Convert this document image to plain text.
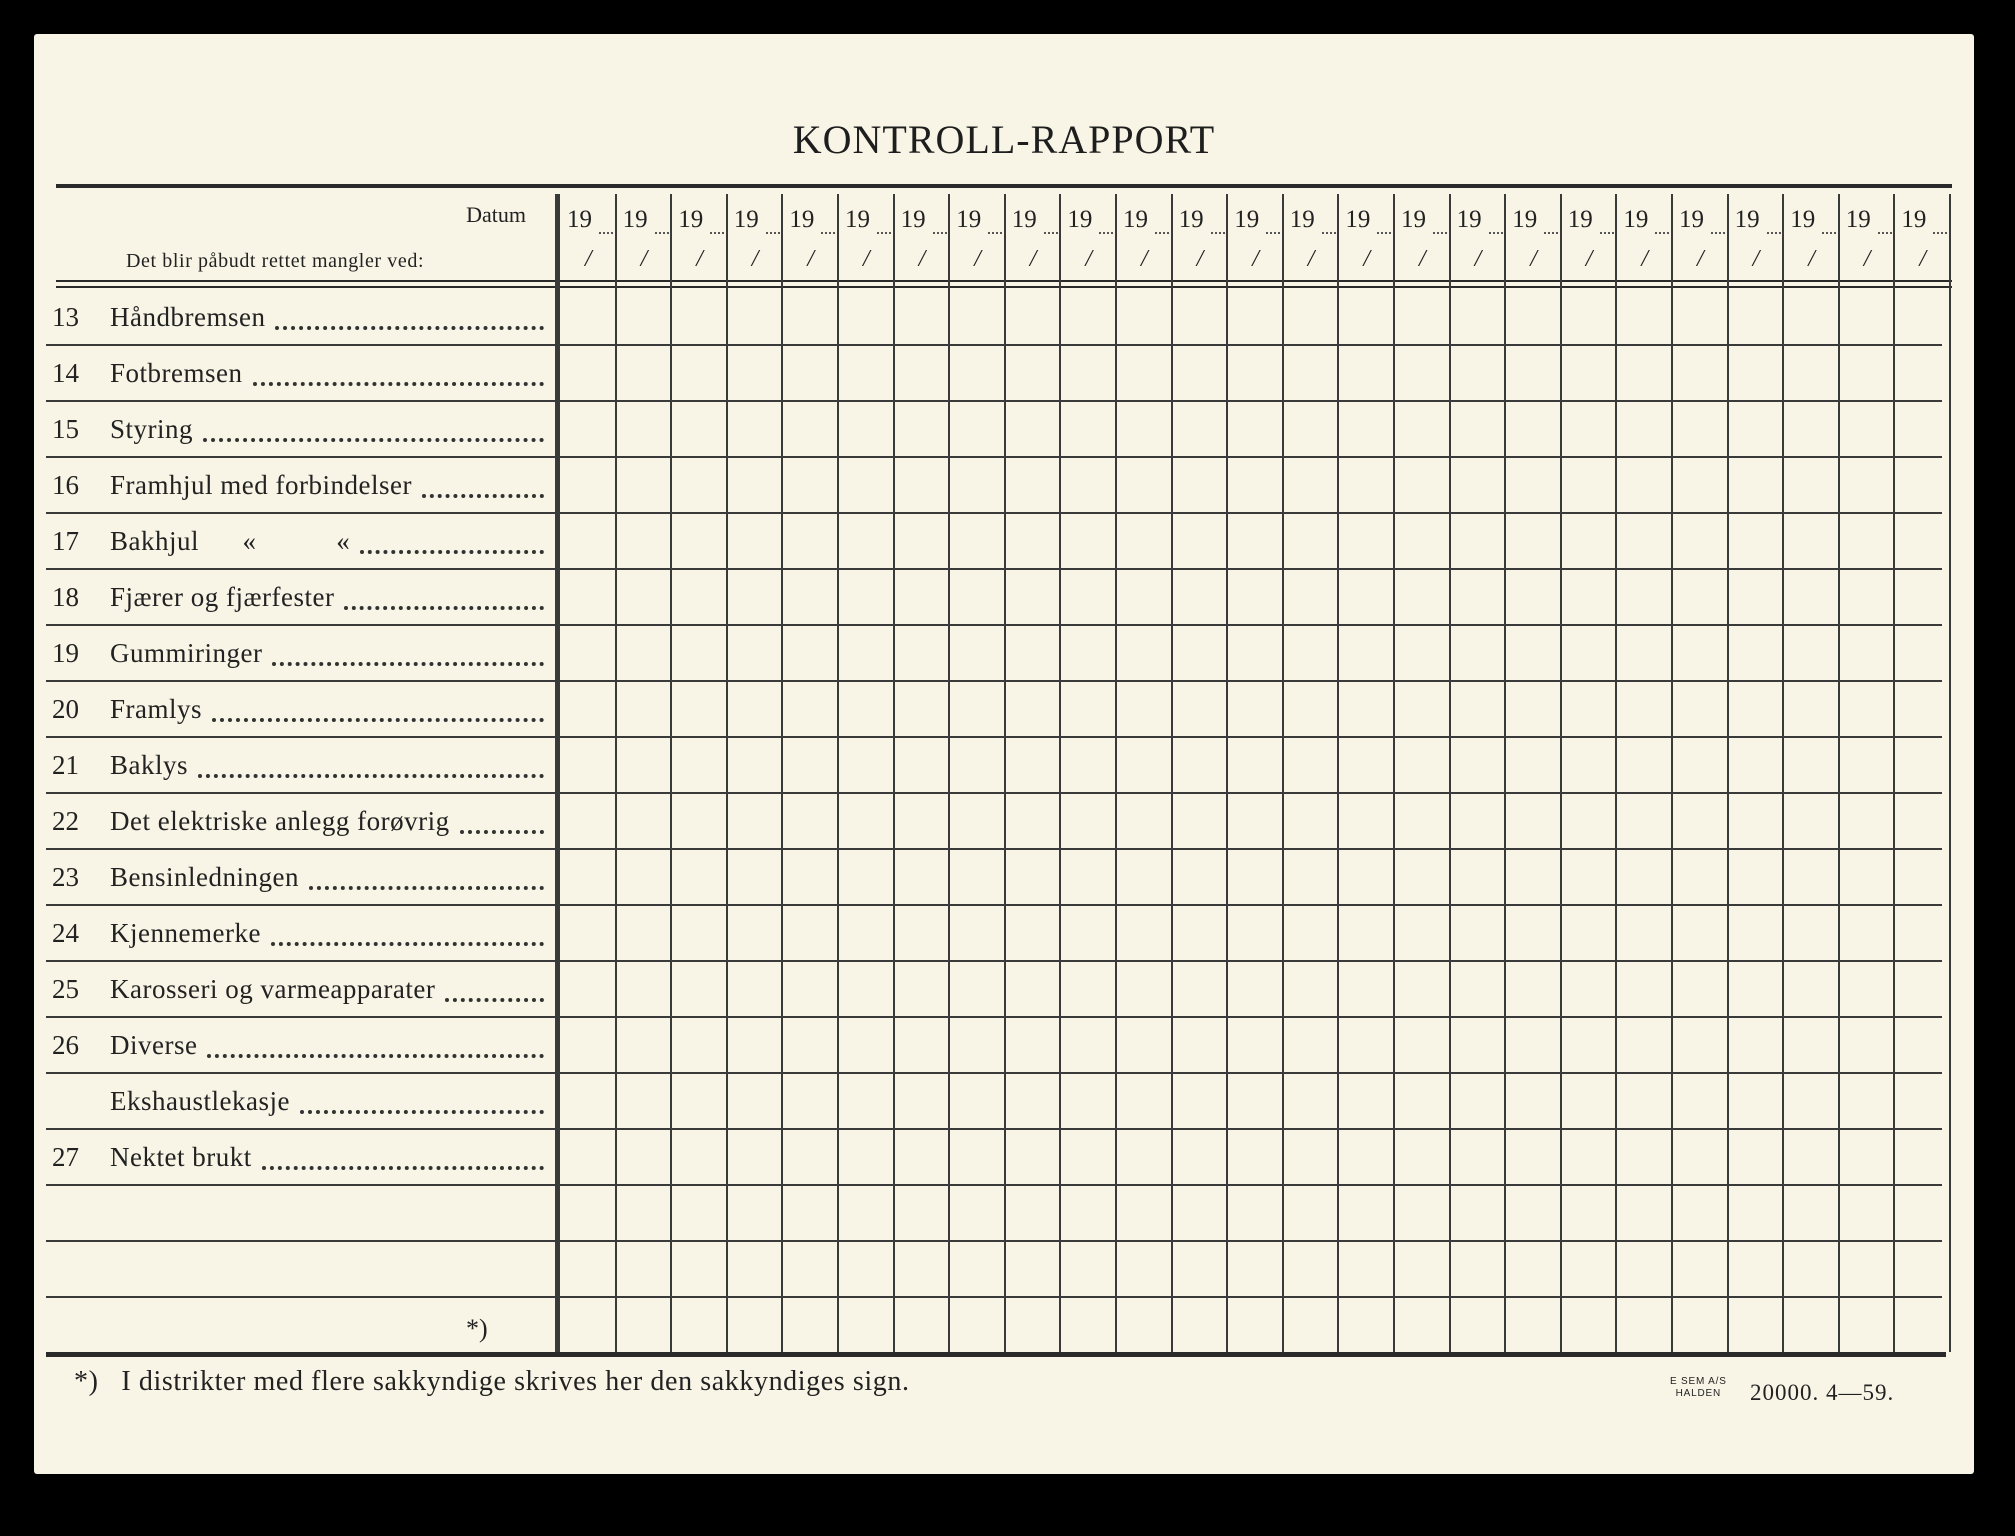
KONTROLL-RAPPORT
Datum
Det blir påbudt rettet mangler ved:
19
/
19
/
19
/
19
/
19
/
19
/
19
/
19
/
19
/
19
/
19
/
19
/
19
/
19
/
19
/
19
/
19
/
19
/
19
/
19
/
19
/
19
/
19
/
19
/
19
/
13 Håndbremsen
14 Fotbremsen
15 Styring
16 Framhjul med forbindelser
17 Bakhjul      «           «
18 Fjærer og fjærfester
19 Gummiringer
20 Framlys
21 Baklys
22 Det elektriske anlegg forøvrig
23 Bensinledningen
24 Kjennemerke
25 Karosseri og varmeapparater
26 Diverse
Ekshaustlekasje
27 Nektet brukt
*)
*)   I distrikter med flere sakkyndige skrives her den sakkyndiges sign.	E SEM A/S
HALDEN 20000. 4—59.
